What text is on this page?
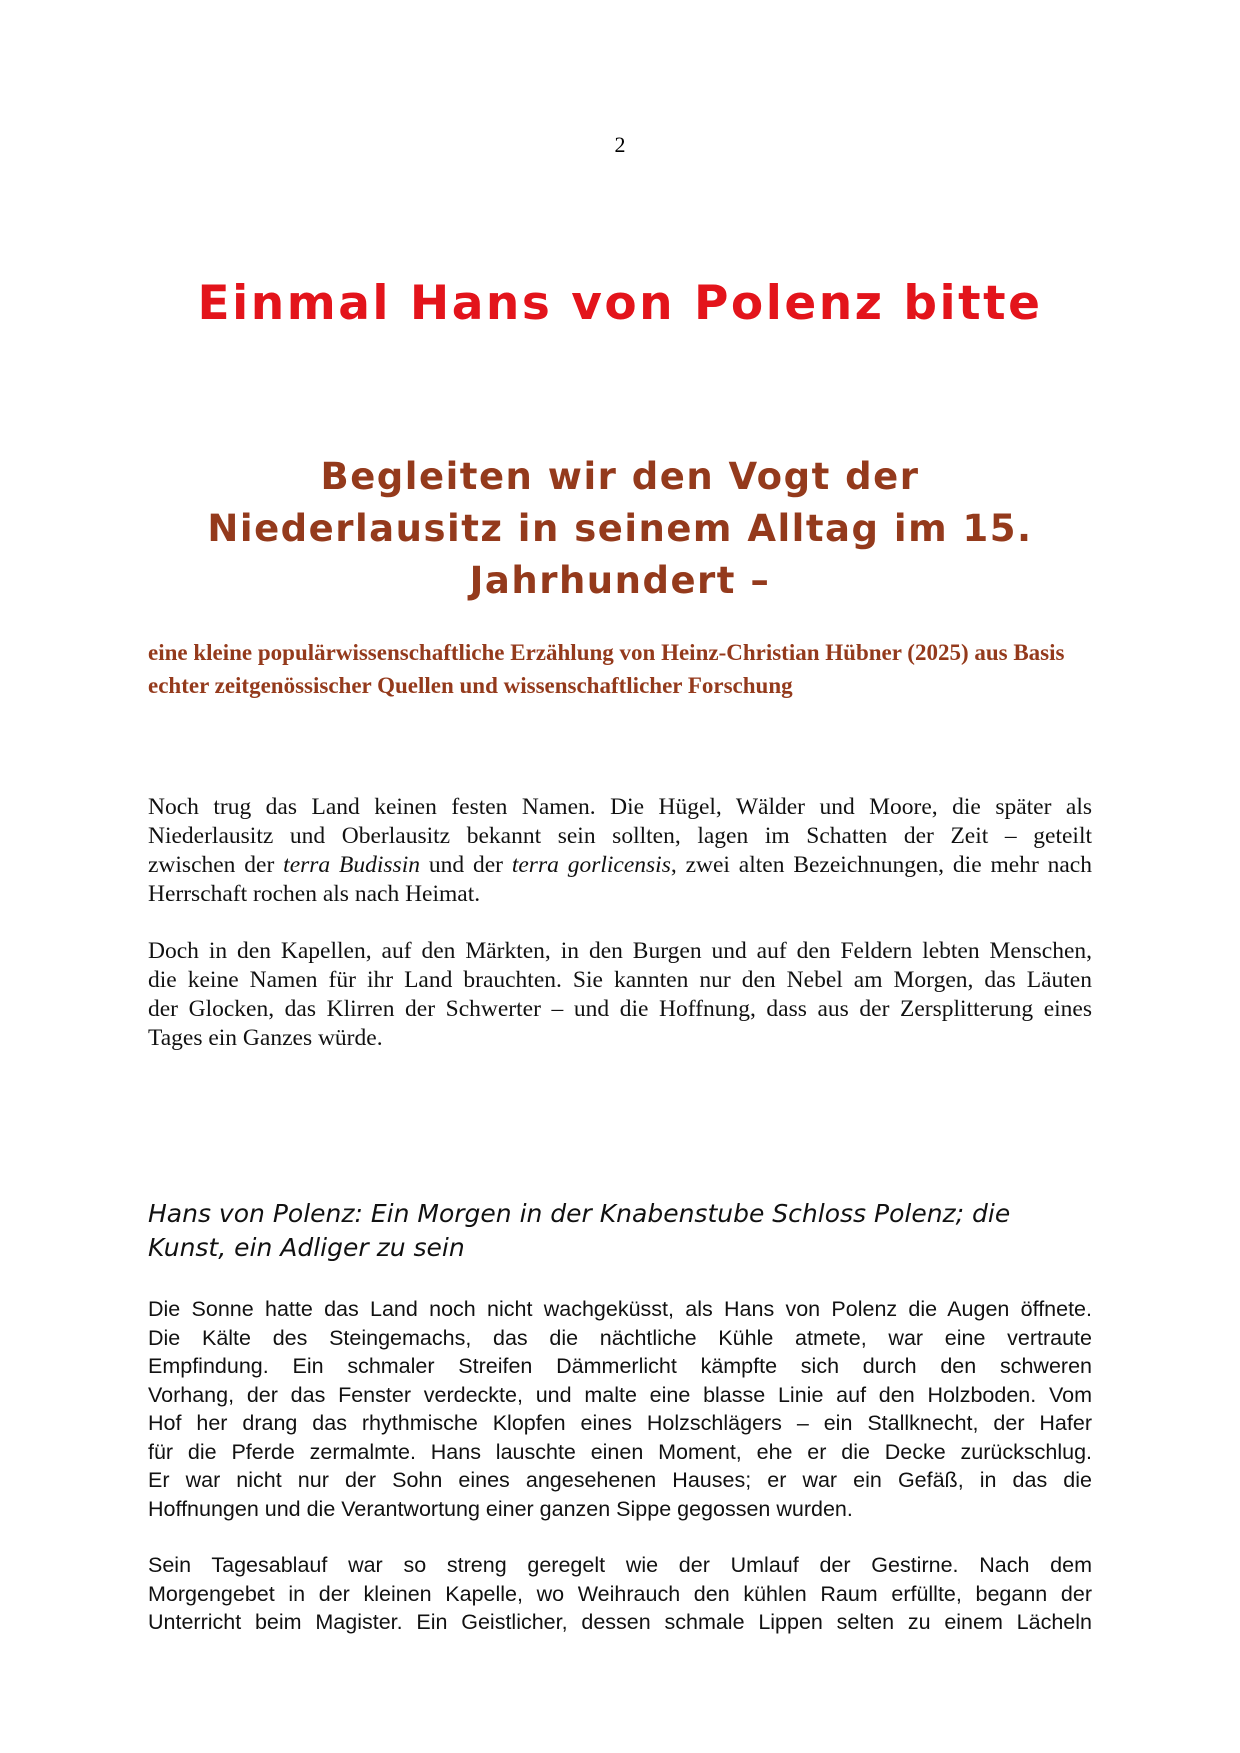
2
Einmal Hans von Polenz bitte
Begleiten wir den Vogt der
Niederlausitz in seinem Alltag im 15.
Jahrhundert –
eine kleine populärwissenschaftliche Erzählung von Heinz-Christian Hübner (2025) aus Basis echter zeitgenössischer Quellen und wissenschaftlicher Forschung
Noch trug das Land keinen festen Namen. Die Hügel, Wälder und Moore, die später als
Niederlausitz und Oberlausitz bekannt sein sollten, lagen im Schatten der Zeit – geteilt
zwischen der terra Budissin und der terra gorlicensis, zwei alten Bezeichnungen, die mehr nach
Herrschaft rochen als nach Heimat.
Doch in den Kapellen, auf den Märkten, in den Burgen und auf den Feldern lebten Menschen,
die keine Namen für ihr Land brauchten. Sie kannten nur den Nebel am Morgen, das Läuten
der Glocken, das Klirren der Schwerter – und die Hoffnung, dass aus der Zersplitterung eines
Tages ein Ganzes würde.
Hans von Polenz: Ein Morgen in der Knabenstube Schloss Polenz; die Kunst, ein Adliger zu sein
Die Sonne hatte das Land noch nicht wachgeküsst, als Hans von Polenz die Augen öffnete.
Die Kälte des Steingemachs, das die nächtliche Kühle atmete, war eine vertraute
Empfindung. Ein schmaler Streifen Dämmerlicht kämpfte sich durch den schweren
Vorhang, der das Fenster verdeckte, und malte eine blasse Linie auf den Holzboden. Vom
Hof her drang das rhythmische Klopfen eines Holzschlägers – ein Stallknecht, der Hafer
für die Pferde zermalmte. Hans lauschte einen Moment, ehe er die Decke zurückschlug.
Er war nicht nur der Sohn eines angesehenen Hauses; er war ein Gefäß, in das die
Hoffnungen und die Verantwortung einer ganzen Sippe gegossen wurden.
Sein Tagesablauf war so streng geregelt wie der Umlauf der Gestirne. Nach dem
Morgengebet in der kleinen Kapelle, wo Weihrauch den kühlen Raum erfüllte, begann der
Unterricht beim Magister. Ein Geistlicher, dessen schmale Lippen selten zu einem Lächeln
